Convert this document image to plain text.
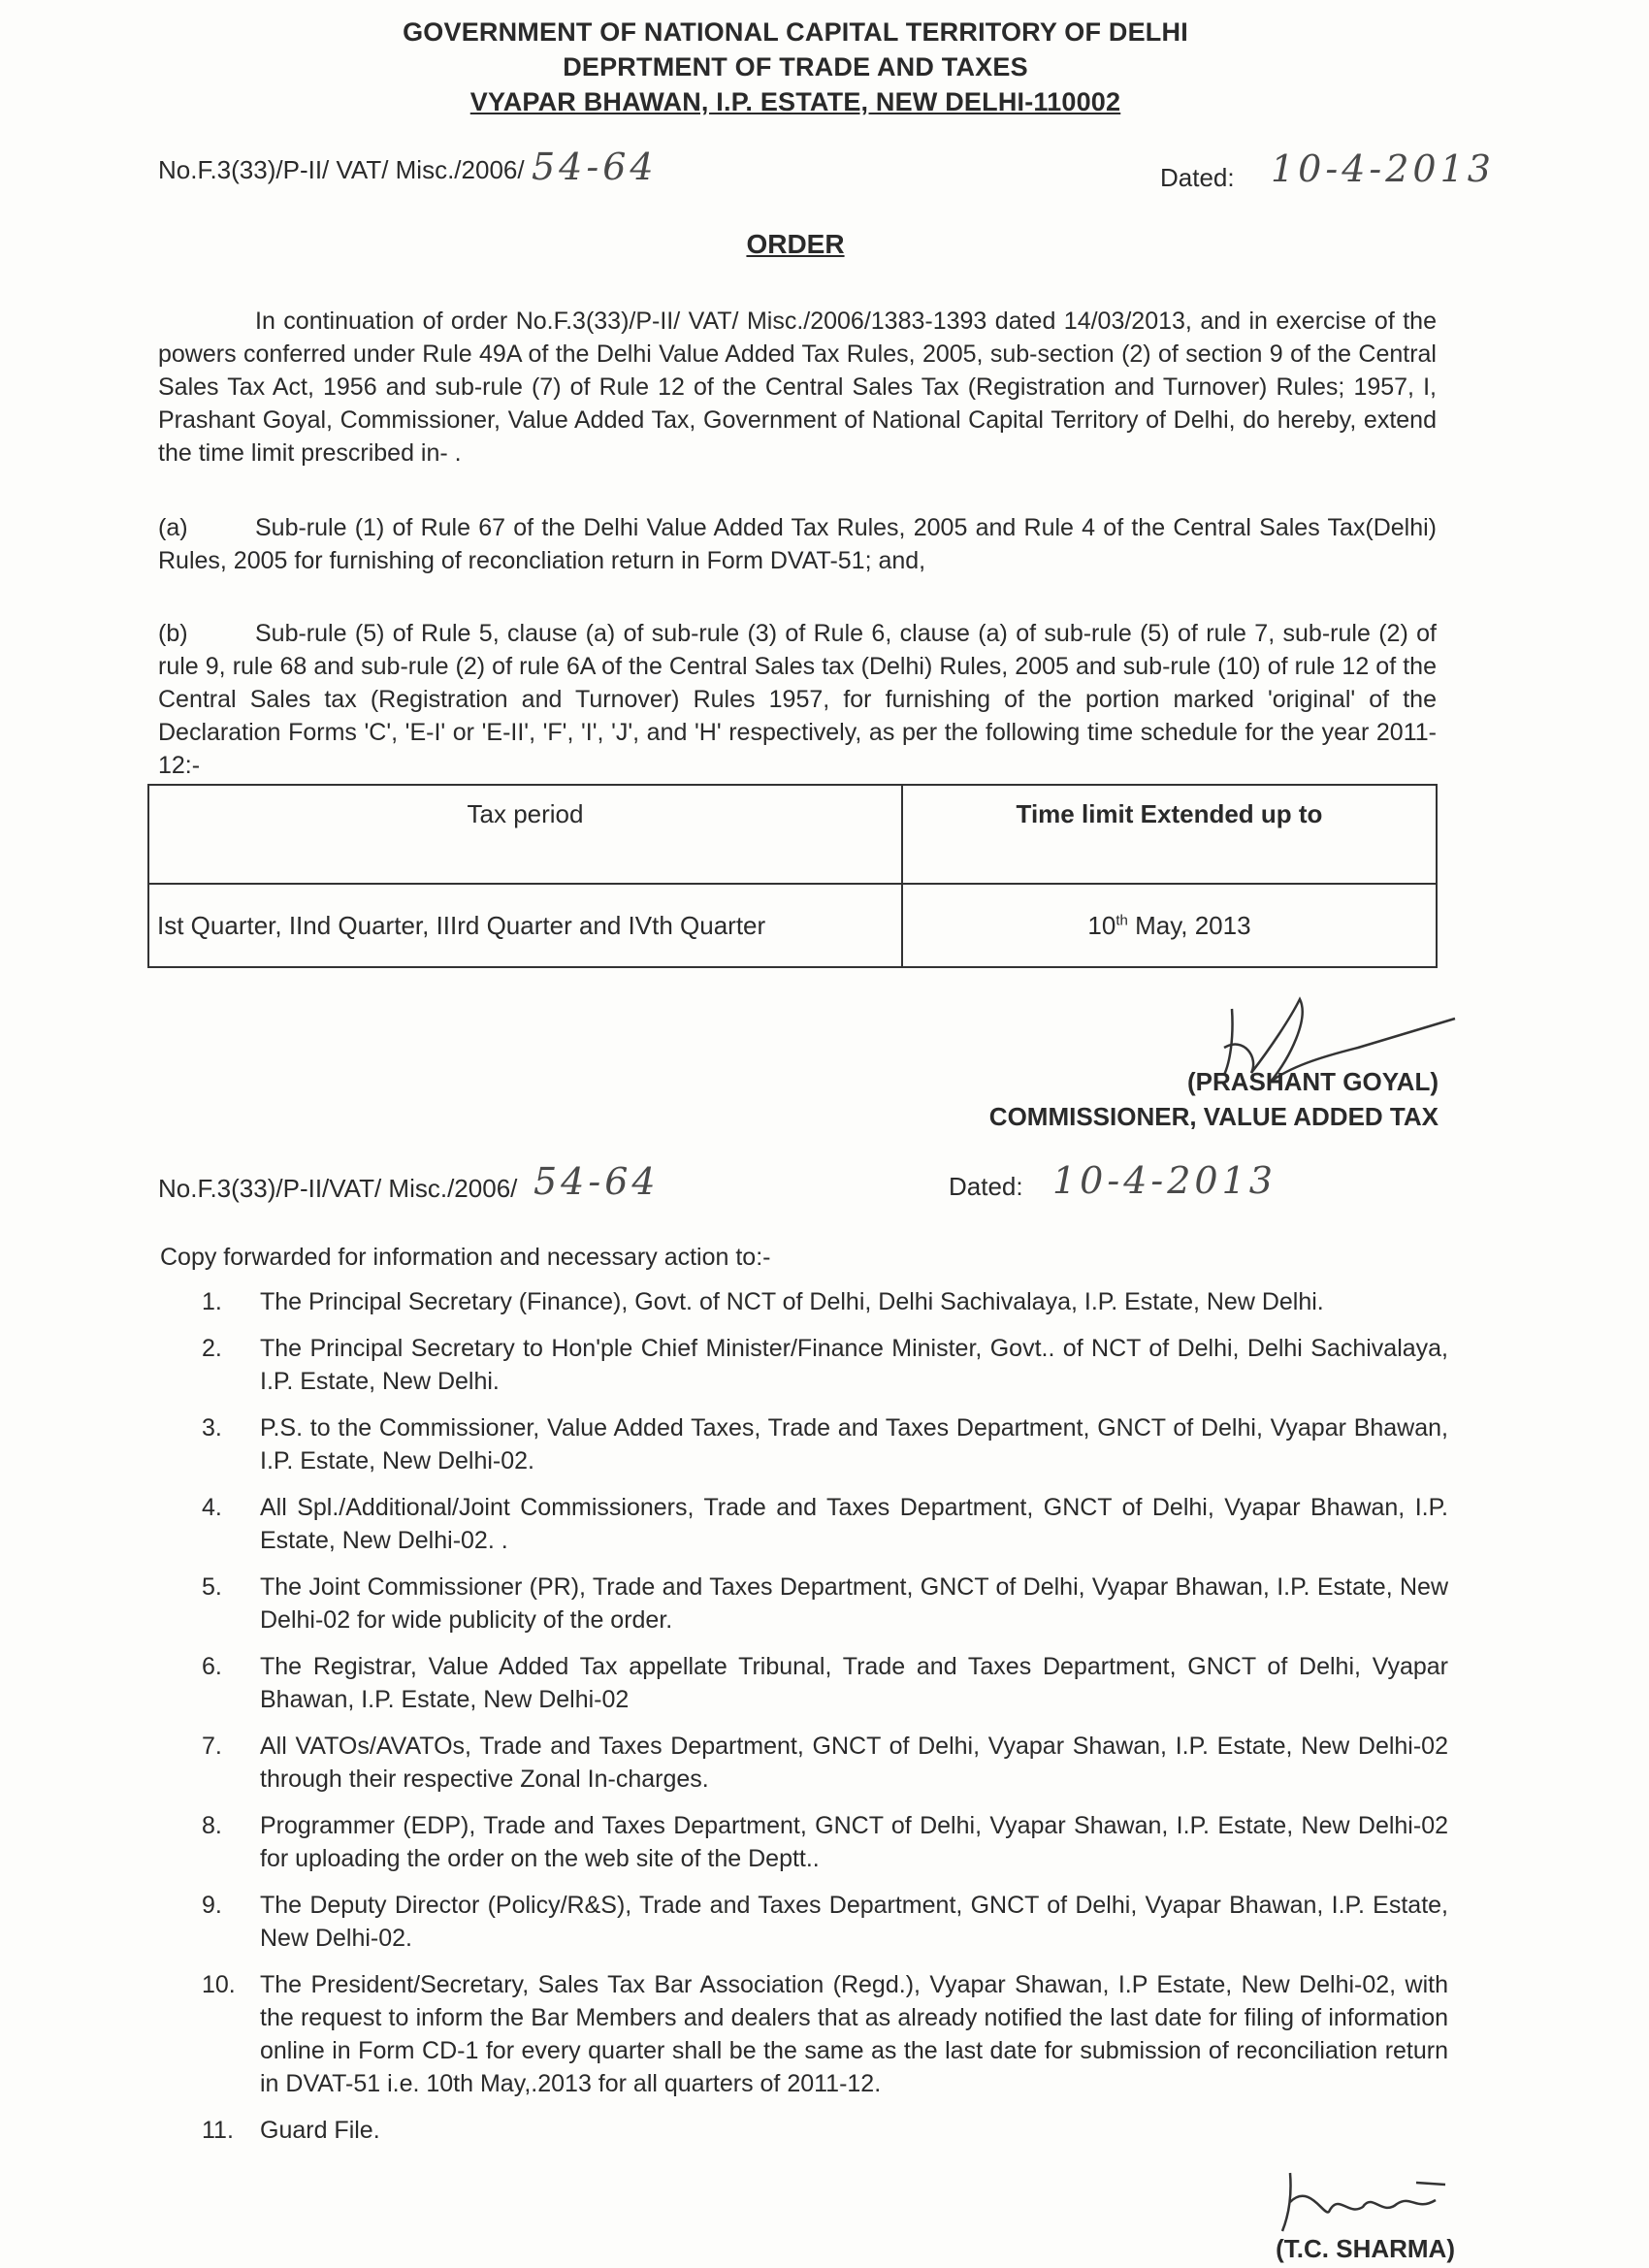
GOVERNMENT OF NATIONAL CAPITAL TERRITORY OF DELHI
DEPRTMENT OF TRADE AND TAXES
VYAPAR BHAWAN, I.P. ESTATE, NEW DELHI-110002
No.F.3(33)/P-II/ VAT/ Misc./2006/ 54-64	Dated: 10-4-2013
ORDER
In continuation of order No.F.3(33)/P-II/ VAT/ Misc./2006/1383-1393 dated 14/03/2013, and in exercise of the powers conferred under Rule 49A of the Delhi Value Added Tax Rules, 2005, sub-section (2) of section 9 of the Central Sales Tax Act, 1956 and sub-rule (7) of Rule 12 of the Central Sales Tax (Registration and Turnover) Rules; 1957, I, Prashant Goyal, Commissioner, Value Added Tax, Government of National Capital Territory of Delhi, do hereby, extend the time limit prescribed in- .
(a)	Sub-rule (1) of Rule 67 of the Delhi Value Added Tax Rules, 2005 and Rule 4 of the Central Sales Tax(Delhi) Rules, 2005 for furnishing of reconcliation return in Form DVAT-51; and,
(b)	Sub-rule (5) of Rule 5, clause (a) of sub-rule (3) of Rule 6, clause (a) of sub-rule (5) of rule 7, sub-rule (2) of rule 9, rule 68 and sub-rule (2) of rule 6A of the Central Sales tax (Delhi) Rules, 2005 and sub-rule (10) of rule 12 of the Central Sales tax (Registration and Turnover) Rules 1957, for furnishing of the portion marked 'original' of the Declaration Forms 'C', 'E-I' or 'E-II', 'F', 'I', 'J', and 'H' respectively, as per the following time schedule for the year 2011-12:-
Tax period	Time limit Extended up to
Ist Quarter, IInd Quarter, IIIrd Quarter and IVth Quarter	10th May, 2013
(PRASHANT GOYAL)
COMMISSIONER, VALUE ADDED TAX
No.F.3(33)/P-II/VAT/ Misc./2006/ 54-64	Dated: 10-4-2013
Copy forwarded for information and necessary action to:-
1.	The Principal Secretary (Finance), Govt. of NCT of Delhi, Delhi Sachivalaya, I.P. Estate, New Delhi.
2.	The Principal Secretary to Hon'ple Chief Minister/Finance Minister, Govt.. of NCT of Delhi, Delhi Sachivalaya, I.P. Estate, New Delhi.
3.	P.S. to the Commissioner, Value Added Taxes, Trade and Taxes Department, GNCT of Delhi, Vyapar Bhawan, I.P. Estate, New Delhi-02.
4.	All Spl./Additional/Joint Commissioners, Trade and Taxes Department, GNCT of Delhi, Vyapar Bhawan, I.P. Estate, New Delhi-02. .
5.	The Joint Commissioner (PR), Trade and Taxes Department, GNCT of Delhi, Vyapar Bhawan, I.P. Estate, New Delhi-02 for wide publicity of the order.
6.	The Registrar, Value Added Tax appellate Tribunal, Trade and Taxes Department, GNCT of Delhi, Vyapar Bhawan, I.P. Estate, New Delhi-02
7.	All VATOs/AVATOs, Trade and Taxes Department, GNCT of Delhi, Vyapar Shawan, I.P. Estate, New Delhi-02 through their respective Zonal In-charges.
8.	Programmer (EDP), Trade and Taxes Department, GNCT of Delhi, Vyapar Shawan, I.P. Estate, New Delhi-02 for uploading the order on the web site of the Deptt..
9.	The Deputy Director (Policy/R&S), Trade and Taxes Department, GNCT of Delhi, Vyapar Bhawan, I.P. Estate, New Delhi-02.
10.	The President/Secretary, Sales Tax Bar Association (Regd.), Vyapar Shawan, I.P Estate, New Delhi-02, with the request to inform the Bar Members and dealers that as already notified the last date for filing of information online in Form CD-1 for every quarter shall be the same as the last date for submission of reconciliation return in DVAT-51 i.e. 10th May,.2013 for all quarters of 2011-12.
11.	Guard File.
(T.C. SHARMA)
